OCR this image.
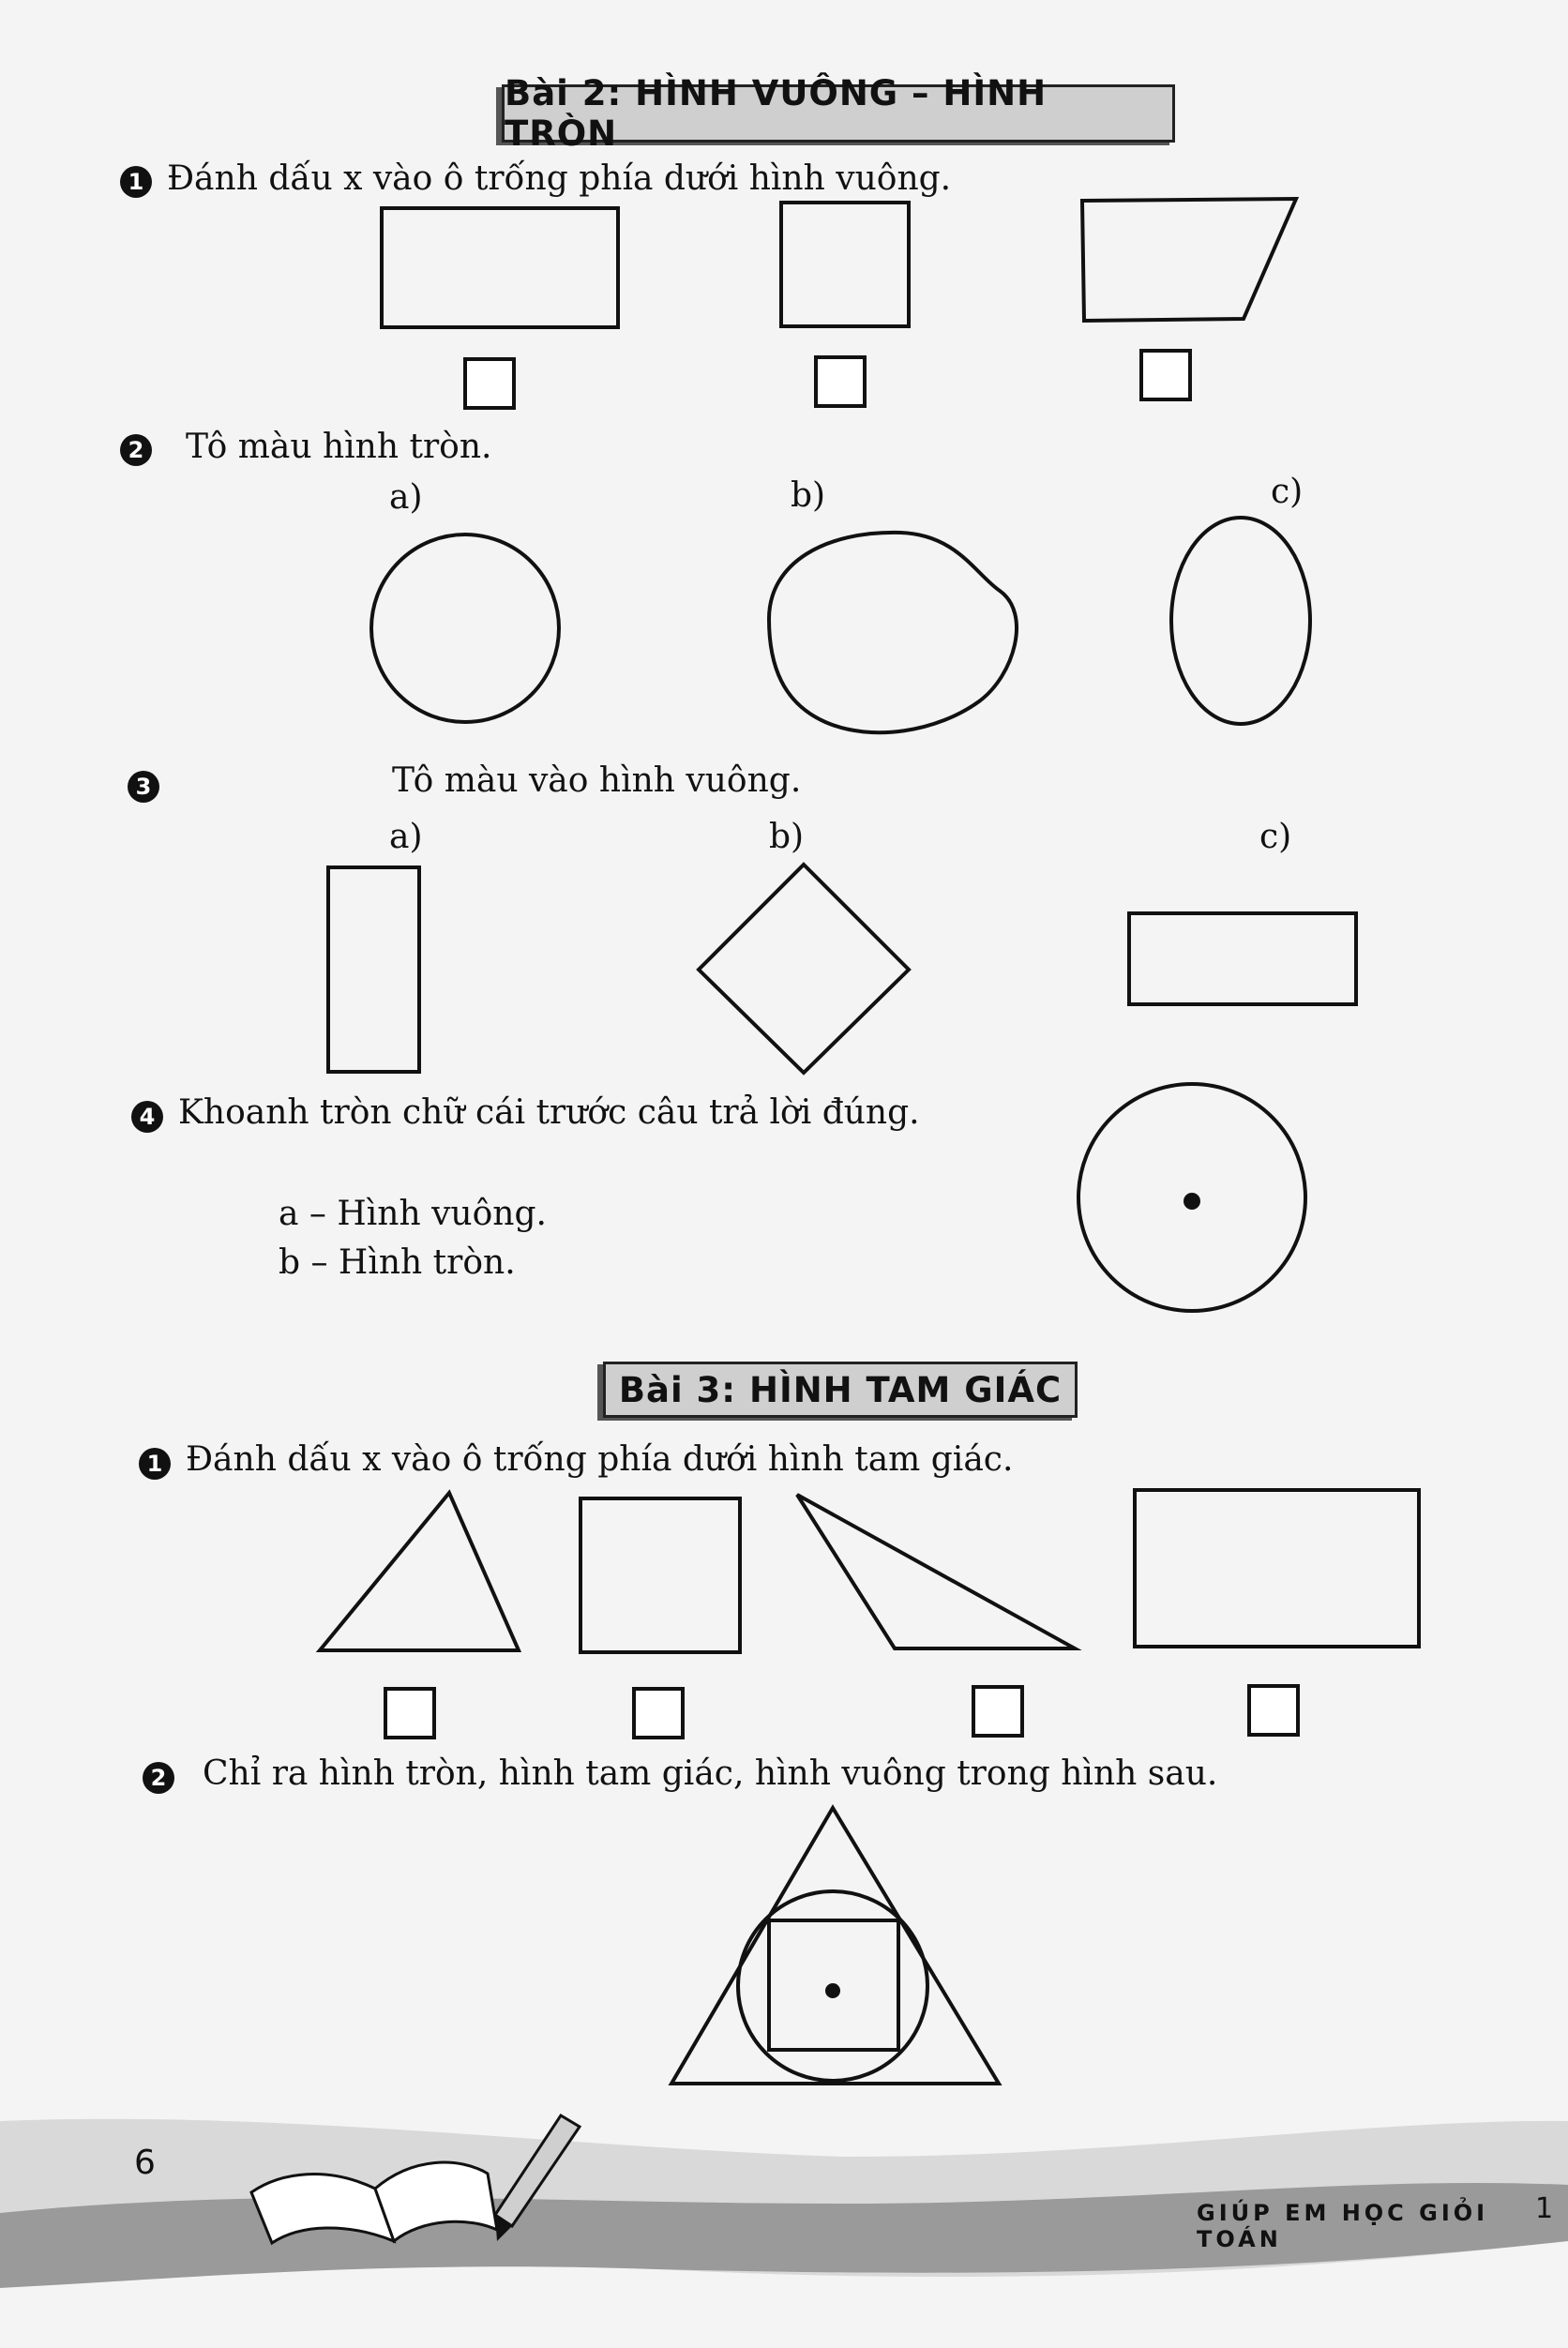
Bài 2: HÌNH VUÔNG – HÌNH TRÒN
1 Đánh dấu x vào ô trống phía dưới hình vuông.
2 Tô màu hình tròn.
a)	b)	c)
3	Tô màu vào hình vuông.
a)	b)	c)
4 Khoanh tròn chữ cái trước câu trả lời đúng.
a – Hình vuông.
b – Hình tròn.
Bài 3: HÌNH TAM GIÁC
1 Đánh dấu x vào ô trống phía dưới hình tam giác.
2 Chỉ ra hình tròn, hình tam giác, hình vuông trong hình sau.
6
GIÚP EM HỌC GIỎI TOÁN
1
